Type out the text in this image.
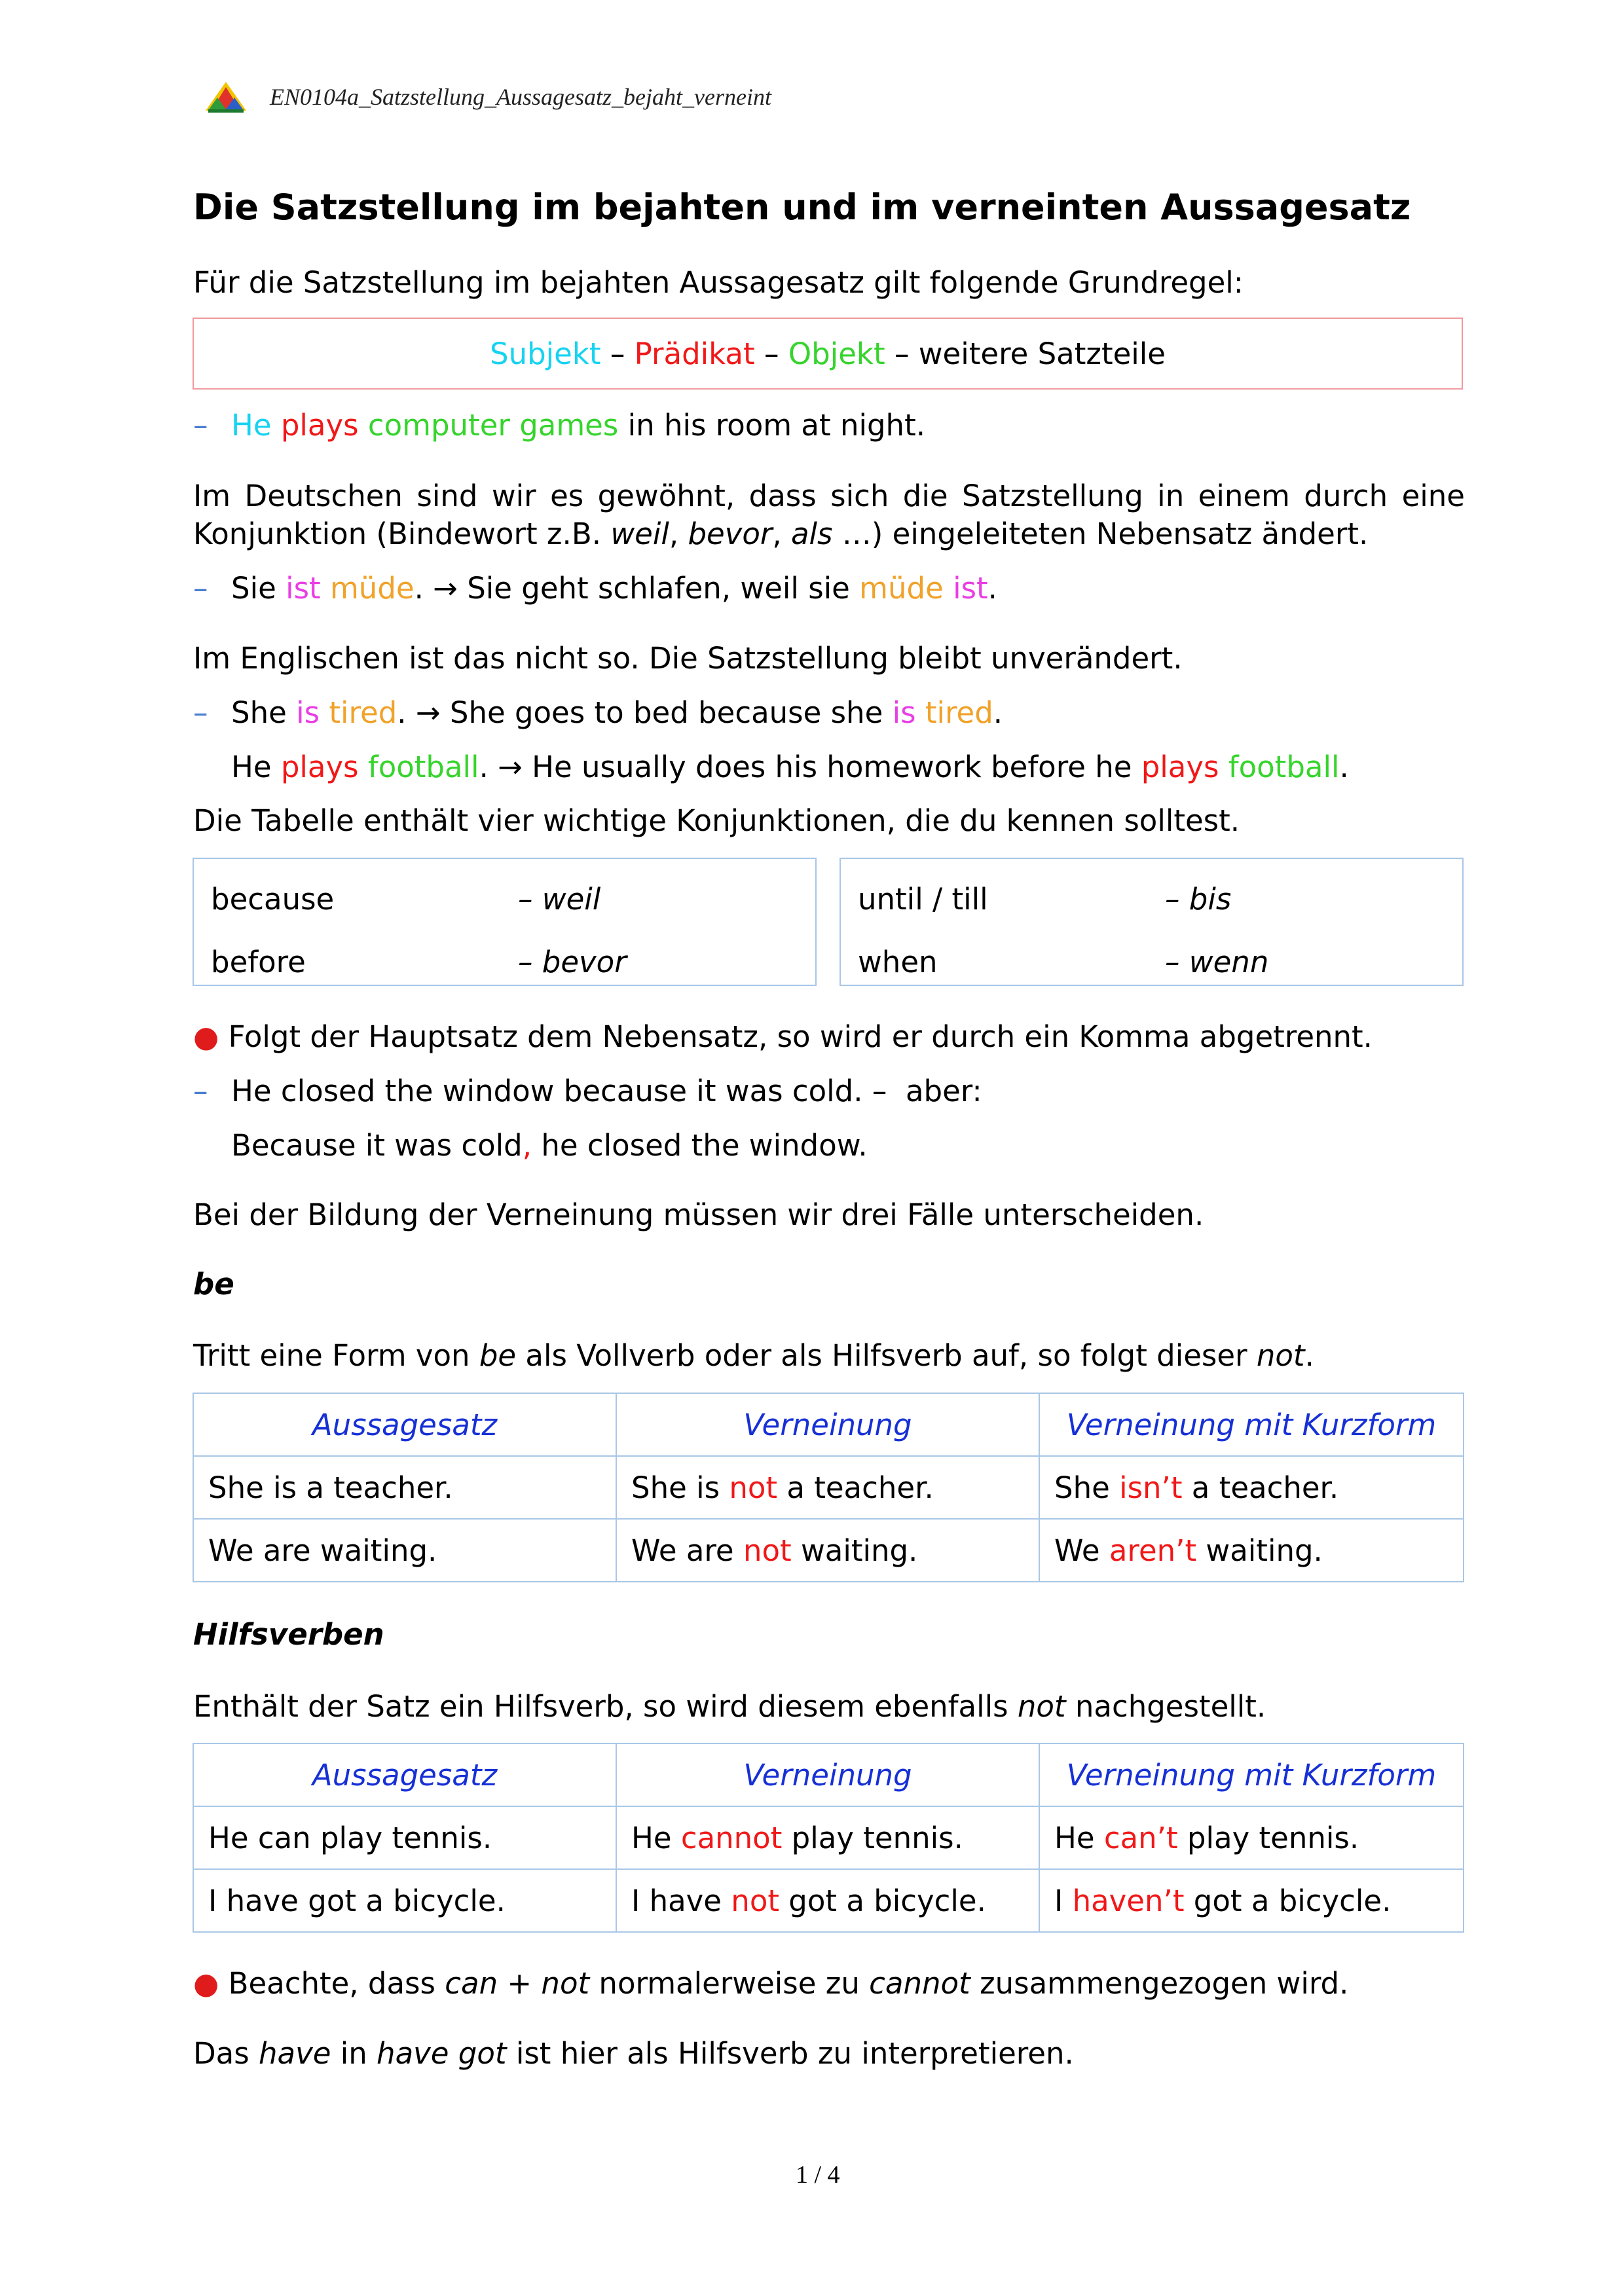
EN0104a_Satzstellung_Aussagesatz_bejaht_verneint
Die Satzstellung im bejahten und im verneinten Aussagesatz
Für die Satzstellung im bejahten Aussagesatz gilt folgende Grundregel:
Subjekt – Prädikat – Objekt – weitere Satzteile
– He plays computer games in his room at night.
Im Deutschen sind wir es gewöhnt, dass sich die Satzstellung in einem durch eine
Konjunktion (Bindewort z.B. weil, bevor, als …) eingeleiteten Nebensatz ändert.
– Sie ist müde. → Sie geht schlafen, weil sie müde ist.
Im Englischen ist das nicht so. Die Satzstellung bleibt unverändert.
– She is tired. → She goes to bed because she is tired.
He plays football. → He usually does his homework before he plays football.
Die Tabelle enthält vier wichtige Konjunktionen, die du kennen solltest.
because	– weil
before	– bevor
until / till	– bis
when	– wenn
● Folgt der Hauptsatz dem Nebensatz, so wird er durch ein Komma abgetrennt.
– He closed the window because it was cold. –  aber:
Because it was cold, he closed the window.
Bei der Bildung der Verneinung müssen wir drei Fälle unterscheiden.
be
Tritt eine Form von be als Vollverb oder als Hilfsverb auf, so folgt dieser not.
Aussagesatz	Verneinung	Verneinung mit Kurzform
She is a teacher.	She is not a teacher.	She isn’t a teacher.
We are waiting.	We are not waiting.	We aren’t waiting.
Hilfsverben
Enthält der Satz ein Hilfsverb, so wird diesem ebenfalls not nachgestellt.
Aussagesatz	Verneinung	Verneinung mit Kurzform
He can play tennis.	He cannot play tennis.	He can’t play tennis.
I have got a bicycle.	I have not got a bicycle.	I haven’t got a bicycle.
● Beachte, dass can + not normalerweise zu cannot zusammengezogen wird.
Das have in have got ist hier als Hilfsverb zu interpretieren.
1 / 4
